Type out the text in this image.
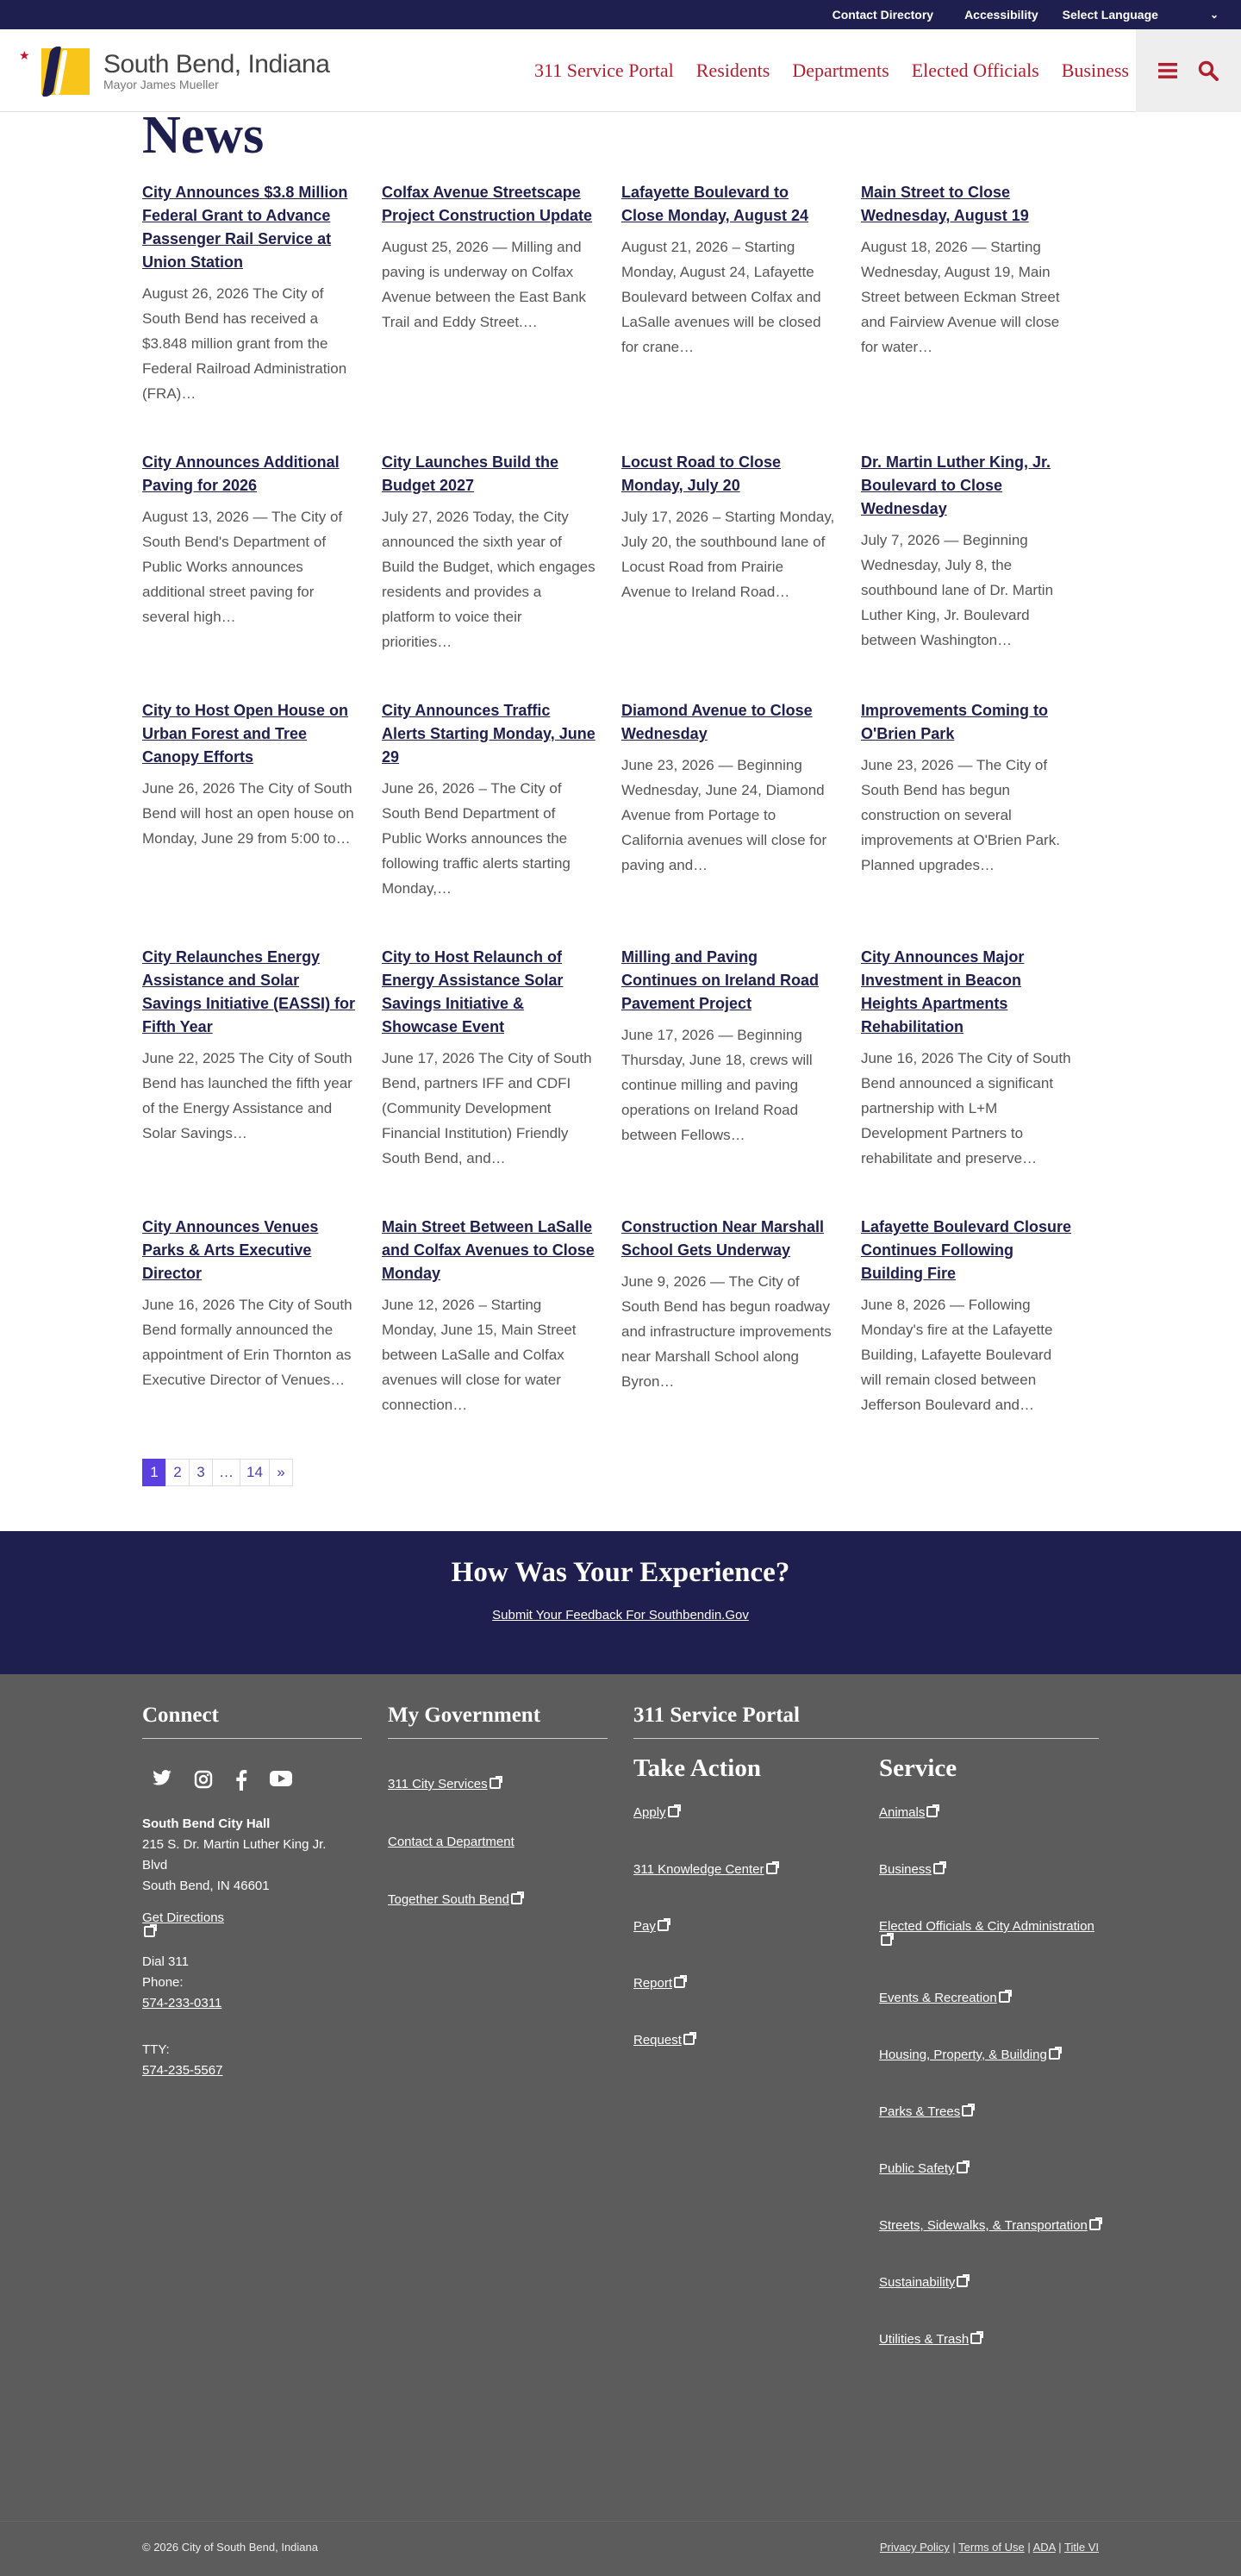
Contact Directory	Accessibility Select Language	⌄
★	South Bend, Indiana
Mayor James Mueller
311 Service Portal Residents Departments Elected Officials Business
News
City Announces $3.8 Million Federal Grant to Advance Passenger Rail Service at Union Station
August 26, 2026 The City of South Bend has received a $3.848 million grant from the Federal Railroad Administration (FRA)…
Colfax Avenue Streetscape Project Construction Update
August 25, 2026 — Milling and paving is underway on Colfax Avenue between the East Bank Trail and Eddy Street.…
Lafayette Boulevard to Close Monday, August 24
August 21, 2026 – Starting Monday, August 24, Lafayette Boulevard between Colfax and LaSalle avenues will be closed for crane…
Main Street to Close Wednesday, August 19
August 18, 2026 — Starting Wednesday, August 19, Main Street between Eckman Street and Fairview Avenue will close for water…
City Announces Additional Paving for 2026
August 13, 2026 — The City of South Bend's Department of Public Works announces additional street paving for several high…
City Launches Build the Budget 2027
July 27, 2026 Today, the City announced the sixth year of Build the Budget, which engages residents and provides a platform to voice their priorities…
Locust Road to Close Monday, July 20
July 17, 2026 – Starting Monday, July 20, the southbound lane of Locust Road from Prairie Avenue to Ireland Road…
Dr. Martin Luther King, Jr. Boulevard to Close Wednesday
July 7, 2026 — Beginning Wednesday, July 8, the southbound lane of Dr. Martin Luther King, Jr. Boulevard between Washington…
City to Host Open House on Urban Forest and Tree Canopy Efforts
June 26, 2026 The City of South Bend will host an open house on Monday, June 29 from 5:00 to…
City Announces Traffic Alerts Starting Monday, June 29
June 26, 2026 – The City of South Bend Department of Public Works announces the following traffic alerts starting Monday,…
Diamond Avenue to Close Wednesday
June 23, 2026 — Beginning Wednesday, June 24, Diamond Avenue from Portage to California avenues will close for paving and…
Improvements Coming to O'Brien Park
June 23, 2026 — The City of South Bend has begun construction on several improvements at O'Brien Park. Planned upgrades…
City Relaunches Energy Assistance and Solar Savings Initiative (EASSI) for Fifth Year
June 22, 2025 The City of South Bend has launched the fifth year of the Energy Assistance and Solar Savings…
City to Host Relaunch of Energy Assistance Solar Savings Initiative & Showcase Event
June 17, 2026 The City of South Bend, partners IFF and CDFI (Community Development Financial Institution) Friendly South Bend, and…
Milling and Paving Continues on Ireland Road Pavement Project
June 17, 2026 — Beginning Thursday, June 18, crews will continue milling and paving operations on Ireland Road between Fellows…
City Announces Major Investment in Beacon Heights Apartments Rehabilitation
June 16, 2026 The City of South Bend announced a significant partnership with L+M Development Partners to rehabilitate and preserve…
City Announces Venues Parks & Arts Executive Director
June 16, 2026 The City of South Bend formally announced the appointment of Erin Thornton as Executive Director of Venues…
Main Street Between LaSalle and Colfax Avenues to Close Monday
June 12, 2026 – Starting Monday, June 15, Main Street between LaSalle and Colfax avenues will close for water connection…
Construction Near Marshall School Gets Underway
June 9, 2026 — The City of South Bend has begun roadway and infrastructure improvements near Marshall School along Byron…
Lafayette Boulevard Closure Continues Following Building Fire
June 8, 2026 — Following Monday's fire at the Lafayette Building, Lafayette Boulevard will remain closed between Jefferson Boulevard and…
1	2	3 … 14 »
How Was Your Experience?
Submit Your Feedback For Southbendin.Gov
Connect
South Bend City Hall
215 S. Dr. Martin Luther King Jr.
Blvd
South Bend, IN 46601
Get Directions
Dial 311
Phone:
574-233-0311
TTY:
574-235-5567
My Government
311 City Services
Contact a Department
Together South Bend
311 Service Portal
Take Action
Apply
311 Knowledge Center
Pay
Report
Request
Service
Animals
Business
Elected Officials & City Administration
Events & Recreation
Housing, Property, & Building
Parks & Trees
Public Safety
Streets, Sidewalks, & Transportation
Sustainability
Utilities & Trash
© 2026 City of South Bend, Indiana	Privacy Policy | Terms of Use | ADA | Title VI
